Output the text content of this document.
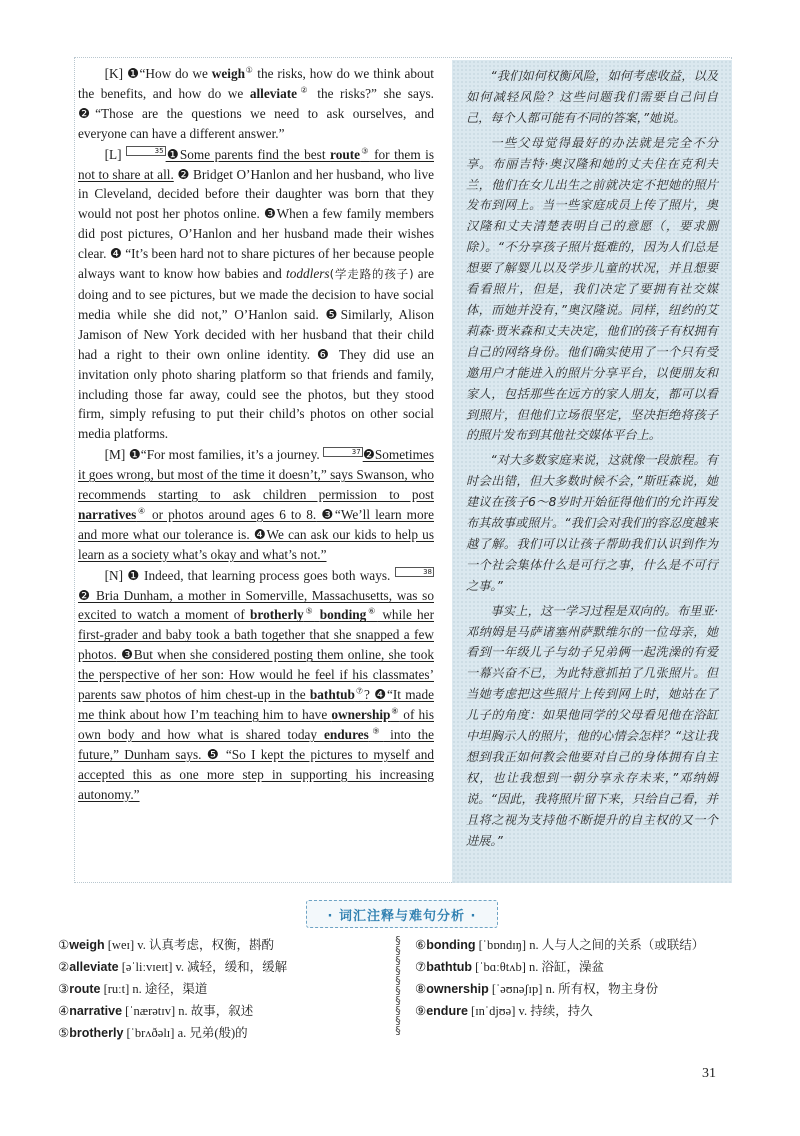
[K] ❶“How do we weigh① the risks, how do we think about the benefits, and how do we alleviate② the risks?” she says. ❷“Those are the questions we need to ask ourselves, and everyone can have a different answer.”

[L]	35 ❶Some parents find the best route③ for them is not to share at all. ❷ Bridget O’Hanlon and her husband, who live in Cleveland, decided before their daughter was born that they would not post her photos online. ❸When a few family members did post pictures, O’Hanlon and her husband made their wishes clear. ❹ “It’s been hard not to share pictures of her because people always want to know how babies and toddlers(学走路的孩子) are doing and to see pictures, but we made the decision to have social media while she did not,” O’Hanlon said. ❺Similarly, Alison Jamison of New York decided with her husband that their child had a right to their own online identity. ❻ They did use an invitation only photo sharing platform so that friends and family, including those far away, could see the photos, but they stood firm, simply refusing to put their child’s photos on other social media platforms.

[M] ❶“For most families, it’s a journey.	37 ❷Sometimes it goes wrong, but most of the time it doesn’t,” says Swanson, who recommends starting to ask children permission to post narratives④ or photos around ages 6 to 8. ❸“We’ll learn more and more what our tolerance is. ❹We can ask our kids to help us learn as a society what’s okay and what’s not.”

[N] ❶ Indeed, that learning process goes both ways.	38❷ Bria Dunham, a mother in Somerville, Massachusetts, was so excited to watch a moment of brotherly⑤ bonding⑥ while her first-grader and baby took a bath together that she snapped a few photos. ❸But when she considered posting them online, she took the perspective of her son: How would he feel if his classmates’ parents saw photos of him chest-up in the bathtub⑦? ❹“It made me think about how I’m teaching him to have ownership⑧ of his own body and how what is shared today endures⑨ into the future,” Dunham says. ❺ “So I kept the pictures to myself and accepted this as one more step in supporting his increasing autonomy.”

“我们如何权衡风险，如何考虑收益，以及如何减轻风险？这些问题我们需要自己问自己，每个人都可能有不同的答案，”她说。

一些父母觉得最好的办法就是完全不分享。布丽吉特·奥汉隆和她的丈夫住在克利夫兰，他们在女儿出生之前就决定不把她的照片发布到网上。当一些家庭成员上传了照片，奥汉隆和丈夫清楚表明自己的意愿（，要求删除）。“不分享孩子照片挺难的，因为人们总是想要了解婴儿以及学步儿童的状况，并且想要看看照片，但是，我们决定了要拥有社交媒体，而她并没有，”奥汉隆说。同样，纽约的艾莉森·贾米森和丈夫决定，他们的孩子有权拥有自己的网络身份。他们确实使用了一个只有受邀用户才能进入的照片分享平台，以便朋友和家人，包括那些在远方的家人朋友，都可以看到照片，但他们立场很坚定，坚决拒绝将孩子的照片发布到其他社交媒体平台上。

“对大多数家庭来说，这就像一段旅程。有时会出错，但大多数时候不会，”斯旺森说，她建议在孩子6～8岁时开始征得他们的允许再发布其故事或照片。“我们会对我们的容忍度越来越了解。我们可以让孩子帮助我们认识到作为一个社会集体什么是可行之事，什么是不可行之事。”

事实上，这一学习过程是双向的。布里亚·邓纳姆是马萨诸塞州萨默维尔的一位母亲，她看到一年级儿子与幼子兄弟俩一起洗澡的有爱一幕兴奋不已，为此特意抓拍了几张照片。但当她考虑把这些照片上传到网上时，她站在了儿子的角度：如果他同学的父母看见他在浴缸中坦胸示人的照片，他的心情会怎样？“这让我想到我正如何教会他要对自己的身体拥有自主权，也让我想到一朝分享永存未来，”邓纳姆说。“因此，我将照片留下来，只给自己看，并且将之视为支持他不断提升的自主权的又一个进展。”

· 词汇注释与难句分析 ·
①weigh [weɪ] v. 认真考虑，权衡，斟酌
②alleviate [əˈliːvɪeɪt] v. 减轻，缓和，缓解
③route [ruːt] n. 途径，渠道
④narrative [ˈnærətɪv] n. 故事，叙述
⑤brotherly [ˈbrʌðəlɪ] a. 兄弟(般)的
§
§
§
§
§
§
§
§
§
§
⑥bonding [ˈbɒndɪŋ] n. 人与人之间的关系（或联结）
⑦bathtub [ˈbɑːθtʌb] n. 浴缸，澡盆
⑧ownership [ˈəʊnəʃɪp] n. 所有权，物主身份
⑨endure [ɪnˈdjʊə] v. 持续，持久
31
